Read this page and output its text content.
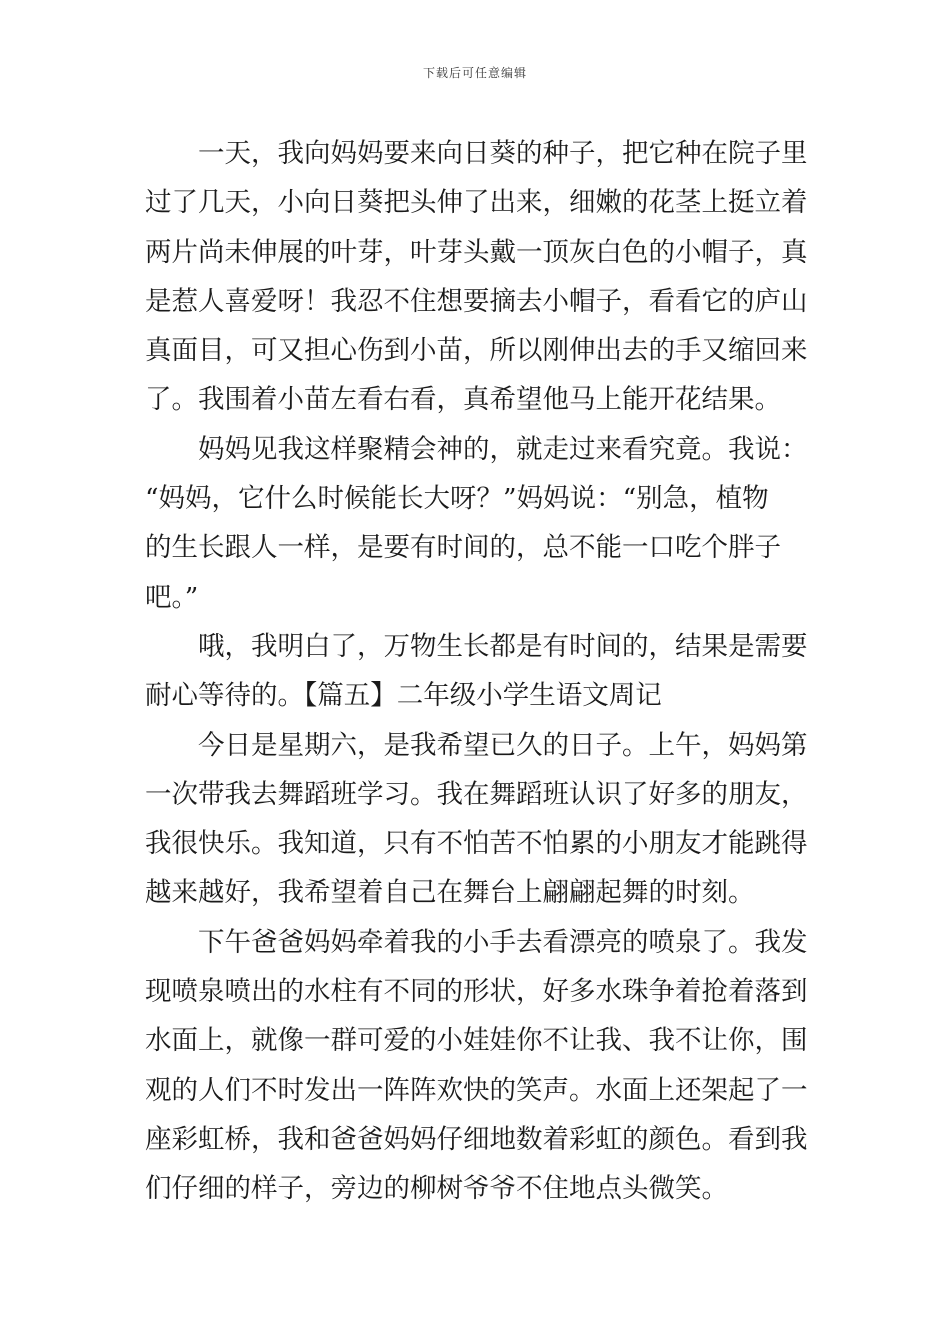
下载后可任意编辑
一天，我向妈妈要来向日葵的种子，把它种在院子里
过了几天，小向日葵把头伸了出来，细嫩的花茎上挺立着
两片尚未伸展的叶芽，叶芽头戴一顶灰白色的小帽子，真
是惹人喜爱呀！我忍不住想要摘去小帽子，看看它的庐山
真面目，可又担心伤到小苗，所以刚伸出去的手又缩回来
了。我围着小苗左看右看，真希望他马上能开花结果。
妈妈见我这样聚精会神的，就走过来看究竟。我说：
“妈妈，它什么时候能长大呀？”妈妈说：“别急，植物
的生长跟人一样，是要有时间的，总不能一口吃个胖子
吧。”
哦，我明白了，万物生长都是有时间的，结果是需要
耐心等待的。【篇五】二年级小学生语文周记
今日是星期六，是我希望已久的日子。上午，妈妈第
一次带我去舞蹈班学习。我在舞蹈班认识了好多的朋友，
我很快乐。我知道，只有不怕苦不怕累的小朋友才能跳得
越来越好，我希望着自己在舞台上翩翩起舞的时刻。
下午爸爸妈妈牵着我的小手去看漂亮的喷泉了。我发
现喷泉喷出的水柱有不同的形状，好多水珠争着抢着落到
水面上，就像一群可爱的小娃娃你不让我、我不让你，围
观的人们不时发出一阵阵欢快的笑声。水面上还架起了一
座彩虹桥，我和爸爸妈妈仔细地数着彩虹的颜色。看到我
们仔细的样子，旁边的柳树爷爷不住地点头微笑。
